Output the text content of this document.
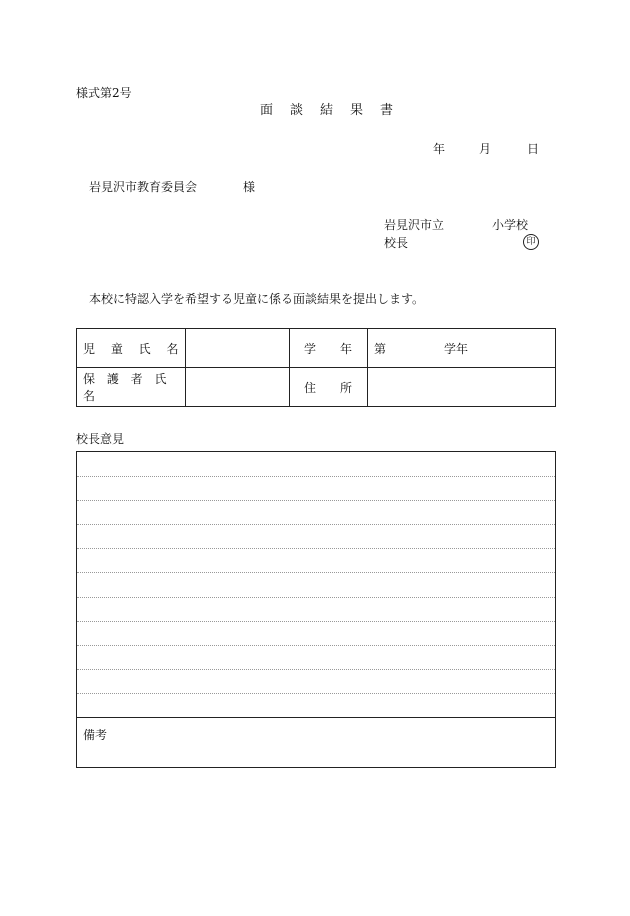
様式第2号
面　談　結　果　書
年	月	日
岩見沢市教育委員会	様
岩見沢市立	小学校
校長	印
本校に特認入学を希望する児童に係る面談結果を提出します。
児 童 氏 名		学　　年	第 学年
保 護 者 氏 名		住　　所	
校長意見
備考
